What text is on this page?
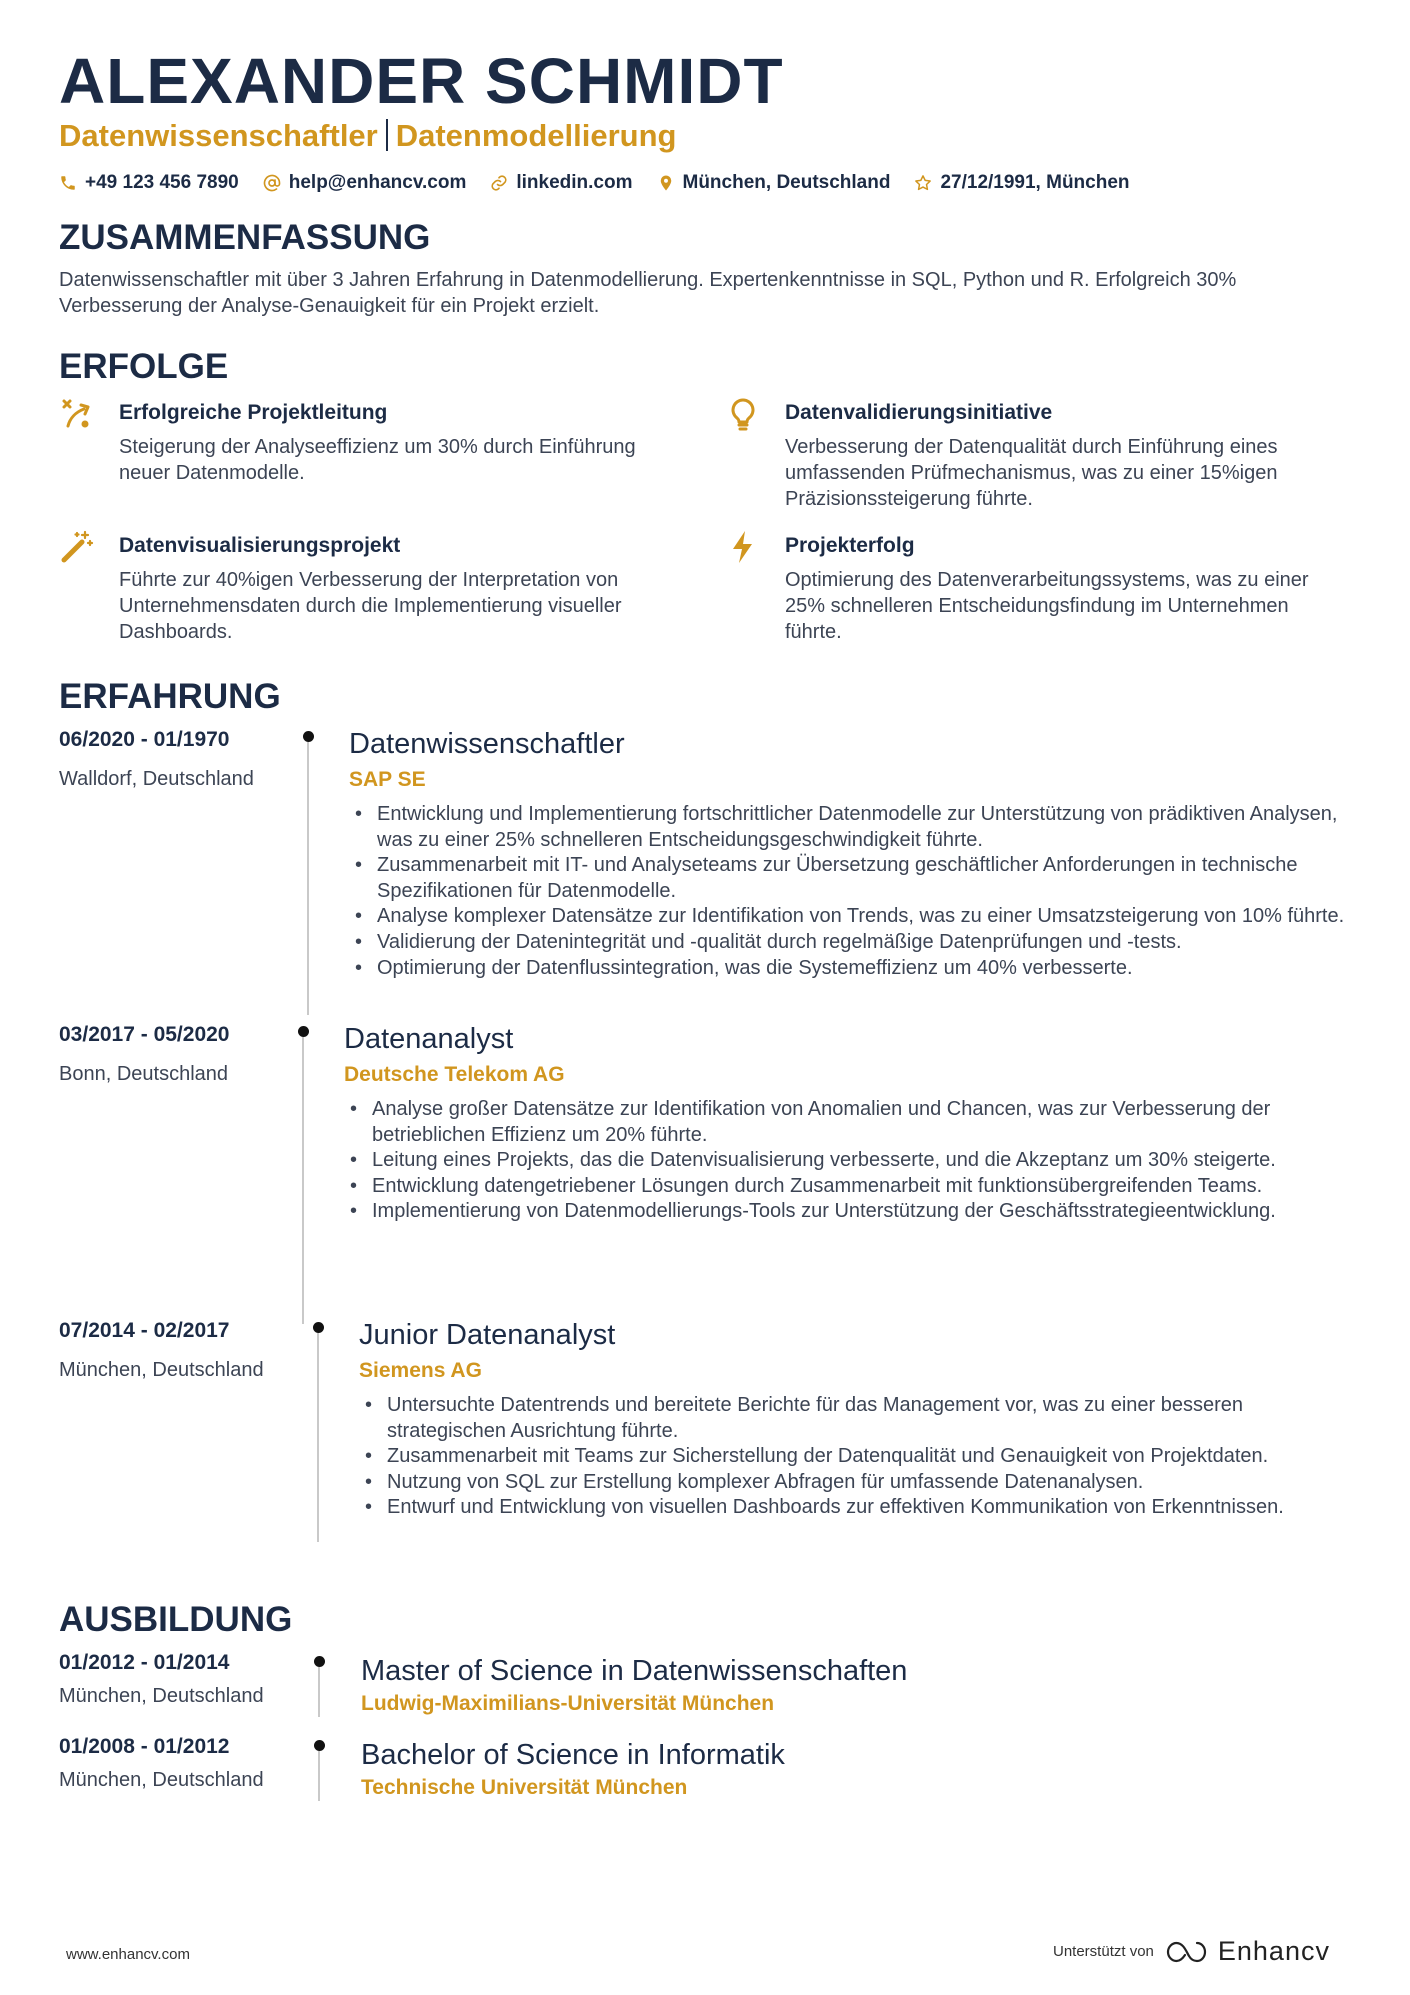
ALEXANDER SCHMIDT
Datenwissenschaftler Datenmodellierung
+49 123 456 7890	help@enhancv.com	linkedin.com	München, Deutschland	27/12/1991, München
ZUSAMMENFASSUNG
Datenwissenschaftler mit über 3 Jahren Erfahrung in Datenmodellierung. Expertenkenntnisse in SQL, Python und R. Erfolgreich 30% Verbesserung der Analyse-Genauigkeit für ein Projekt erzielt.
ERFOLGE
Erfolgreiche Projektleitung
Steigerung der Analyseeffizienz um 30% durch Einführung neuer Datenmodelle.
Datenvalidierungsinitiative
Verbesserung der Datenqualität durch Einführung eines umfassenden Prüfmechanismus, was zu einer 15%igen Präzisionssteigerung führte.
Datenvisualisierungsprojekt
Führte zur 40%igen Verbesserung der Interpretation von Unternehmensdaten durch die Implementierung visueller Dashboards.
Projekterfolg
Optimierung des Datenverarbeitungssystems, was zu einer 25% schnelleren Entscheidungsfindung im Unternehmen führte.
ERFAHRUNG
06/2020 - 01/1970
Walldorf, Deutschland
Datenwissenschaftler
SAP SE
• Entwicklung und Implementierung fortschrittlicher Datenmodelle zur Unterstützung von prädiktiven Analysen, was zu einer 25% schnelleren Entscheidungsgeschwindigkeit führte.
• Zusammenarbeit mit IT- und Analyseteams zur Übersetzung geschäftlicher Anforderungen in technische Spezifikationen für Datenmodelle.
• Analyse komplexer Datensätze zur Identifikation von Trends, was zu einer Umsatzsteigerung von 10% führte.
• Validierung der Datenintegrität und -qualität durch regelmäßige Datenprüfungen und -tests.
• Optimierung der Datenflussintegration, was die Systemeffizienz um 40% verbesserte.
03/2017 - 05/2020
Bonn, Deutschland
Datenanalyst
Deutsche Telekom AG
• Analyse großer Datensätze zur Identifikation von Anomalien und Chancen, was zur Verbesserung der betrieblichen Effizienz um 20% führte.
• Leitung eines Projekts, das die Datenvisualisierung verbesserte, und die Akzeptanz um 30% steigerte.
• Entwicklung datengetriebener Lösungen durch Zusammenarbeit mit funktionsübergreifenden Teams.
• Implementierung von Datenmodellierungs-Tools zur Unterstützung der Geschäftsstrategieentwicklung.
07/2014 - 02/2017
München, Deutschland
Junior Datenanalyst
Siemens AG
• Untersuchte Datentrends und bereitete Berichte für das Management vor, was zu einer besseren strategischen Ausrichtung führte.
• Zusammenarbeit mit Teams zur Sicherstellung der Datenqualität und Genauigkeit von Projektdaten.
• Nutzung von SQL zur Erstellung komplexer Abfragen für umfassende Datenanalysen.
• Entwurf und Entwicklung von visuellen Dashboards zur effektiven Kommunikation von Erkenntnissen.
AUSBILDUNG
01/2012 - 01/2014
München, Deutschland
Master of Science in Datenwissenschaften
Ludwig-Maximilians-Universität München
01/2008 - 01/2012
München, Deutschland
Bachelor of Science in Informatik
Technische Universität München
www.enhancv.com	Unterstützt von Enhancv
